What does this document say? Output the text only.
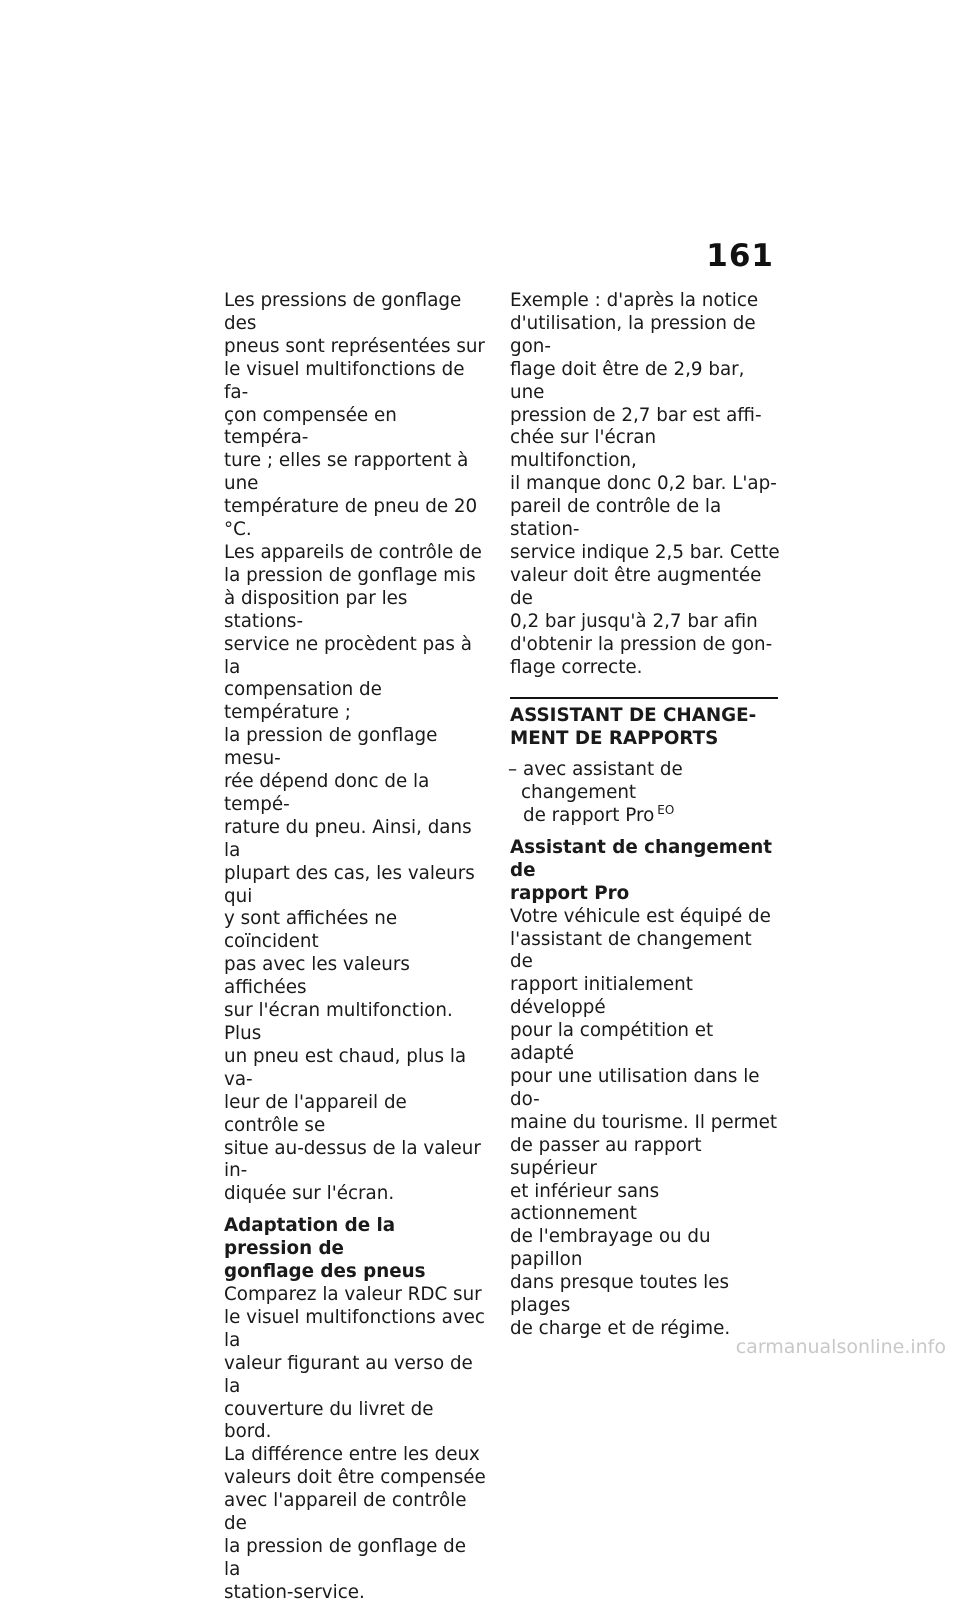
161

Les pressions de gonflage des
pneus sont représentées sur
le visuel multifonctions de fa-
çon compensée en tempéra-
ture ; elles se rapportent à une
température de pneu de 20 °C.

Les appareils de contrôle de
la pression de gonflage mis
à disposition par les stations-
service ne procèdent pas à la
compensation de température ;
la pression de gonflage mesu-
rée dépend donc de la tempé-
rature du pneu. Ainsi, dans la
plupart des cas, les valeurs qui
y sont affichées ne coïncident
pas avec les valeurs affichées
sur l'écran multifonction. Plus
un pneu est chaud, plus la va-
leur de l'appareil de contrôle se
situe au-dessus de la valeur in-
diquée sur l'écran.

Adaptation de la pression de
gonflage des pneus

Comparez la valeur RDC sur
le visuel multifonctions avec la
valeur figurant au verso de la
couverture du livret de bord.

La différence entre les deux
valeurs doit être compensée
avec l'appareil de contrôle de
la pression de gonflage de la
station-service.

Exemple : d'après la notice
d'utilisation, la pression de gon-
flage doit être de 2,9 bar, une
pression de 2,7 bar est affi-
chée sur l'écran multifonction,
il manque donc 0,2 bar. L'ap-
pareil de contrôle de la station-
service indique 2,5 bar. Cette
valeur doit être augmentée de
0,2 bar jusqu'à 2,7 bar afin
d'obtenir la pression de gon-
flage correcte.

ASSISTANT DE CHANGE-
MENT DE RAPPORTS
– avec assistant de changement
de rapport Pro $^{EO}$

Assistant de changement de
rapport Pro

Votre véhicule est équipé de
l'assistant de changement de
rapport initialement développé
pour la compétition et adapté
pour une utilisation dans le do-
maine du tourisme. Il permet
de passer au rapport supérieur
et inférieur sans actionnement
de l'embrayage ou du papillon
dans presque toutes les plages
de charge et de régime.

carmanualsonline.info
